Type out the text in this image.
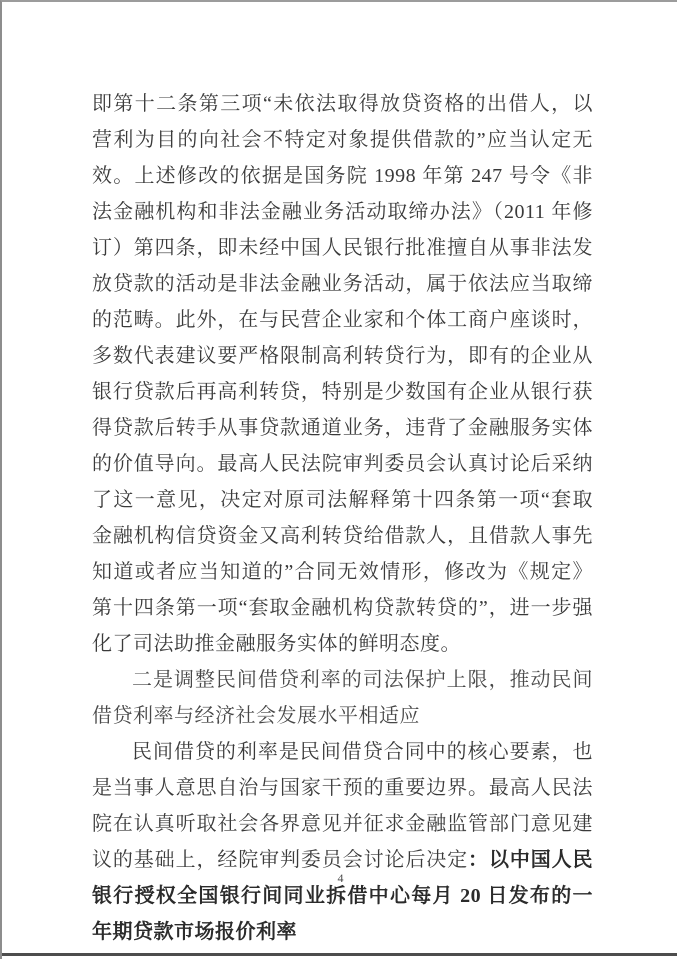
即第十二条第三项“未依法取得放贷资格的出借人，以营利为目的向社会不特定对象提供借款的”应当认定无效。上述修改的依据是国务院 1998 年第 247 号令《非法金融机构和非法金融业务活动取缔办法》（2011 年修订）第四条，即未经中国人民银行批准擅自从事非法发放贷款的活动是非法金融业务活动，属于依法应当取缔的范畴。此外，在与民营企业家和个体工商户座谈时，多数代表建议要严格限制高利转贷行为，即有的企业从银行贷款后再高利转贷，特别是少数国有企业从银行获得贷款后转手从事贷款通道业务，违背了金融服务实体的价值导向。最高人民法院审判委员会认真讨论后采纳了这一意见，决定对原司法解释第十四条第一项“套取金融机构信贷资金又高利转贷给借款人，且借款人事先知道或者应当知道的”合同无效情形，修改为《规定》第十四条第一项“套取金融机构贷款转贷的”，进一步强化了司法助推金融服务实体的鲜明态度。

二是调整民间借贷利率的司法保护上限，推动民间借贷利率与经济社会发展水平相适应

民间借贷的利率是民间借贷合同中的核心要素，也是当事人意思自治与国家干预的重要边界。最高人民法院在认真听取社会各界意见并征求金融监管部门意见建议的基础上，经院审判委员会讨论后决定：以中国人民银行授权全国银行间同业拆借中心每月 20 日发布的一年期贷款市场报价利率

4
